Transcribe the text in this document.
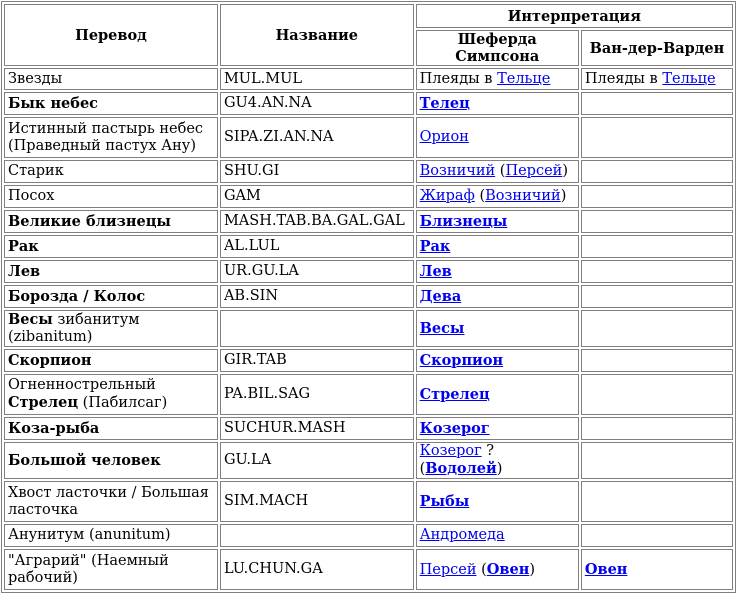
Перевод	Название	Интерпретация	
		Шеферда Симпсона	Ван-дер-Варден
Звезды	MUL.MUL	Плеяды в Тельце	Плеяды в Тельце
Бык небес	GU4.AN.NA	Телец	
Истинный пастырь небес (Праведный пастух Ану)	SIPA.ZI.AN.NA	Орион	
Старик	SHU.GI	Возничий (Персей)	
Посох	GAM	Жираф (Возничий)	
Великие близнецы	MASH.TAB.BA.GAL.GAL	Близнецы	
Рак	AL.LUL	Рак	
Лев	UR.GU.LA	Лев	
Борозда / Колос	AB.SIN	Дева	
Весы зибанитум (zibanitum)		Весы	
Скорпион	GIR.TAB	Скорпион	
Огненнострельный Стрелец (Пабилсаг)	PA.BIL.SAG	Стрелец	
Коза-рыба	SUCHUR.MASH	Козерог	
Большой человек	GU.LA	Козерог ? (Водолей)	
Хвост ласточки / Большая ласточка	SIM.MACH	Рыбы	
Анунитум (anunitum)		Андромеда	
"Аграрий" (Наемный рабочий)	LU.CHUN.GA	Персей (Овен)	Овен
